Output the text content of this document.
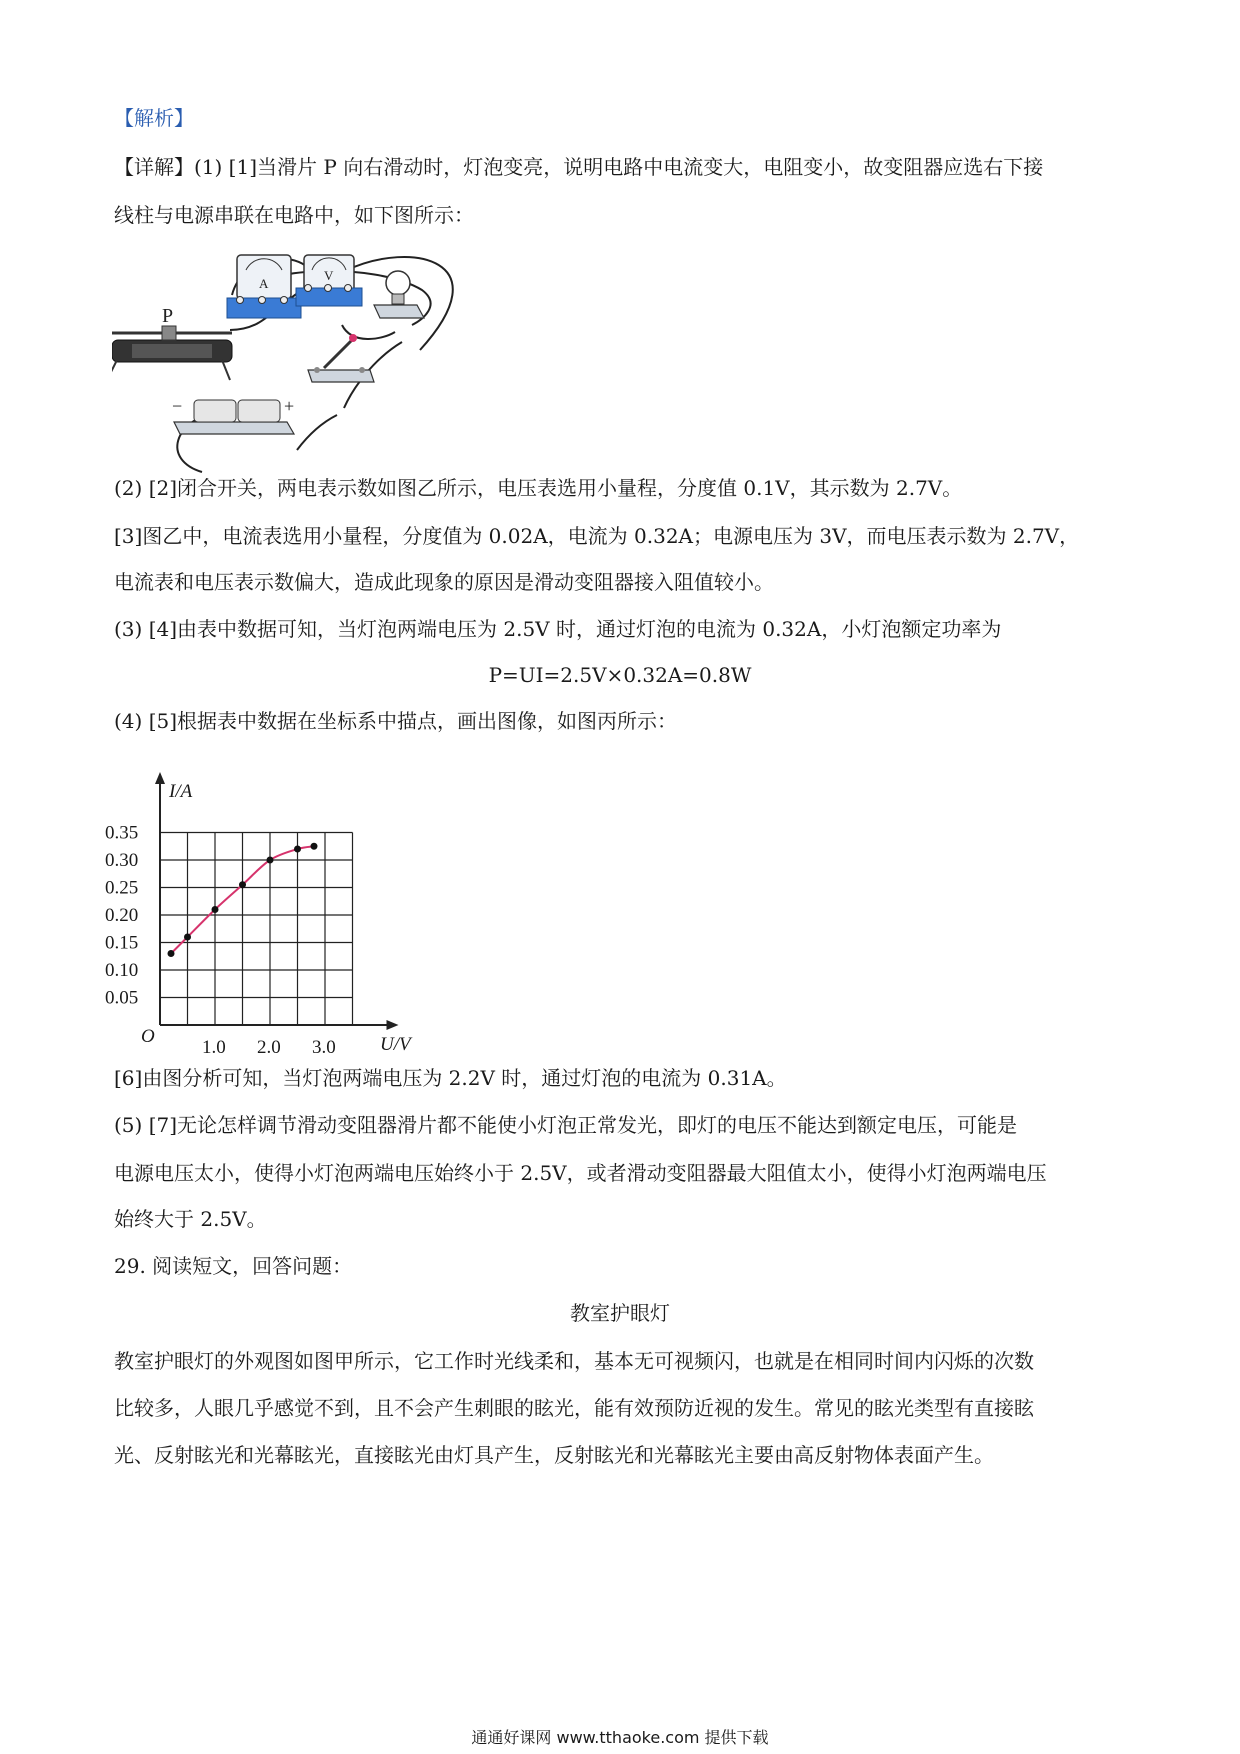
【解析】
【详解】(1) [1]当滑片 P 向右滑动时，灯泡变亮，说明电路中电流变大，电阻变小，故变阻器应选右下接
线柱与电源串联在电路中，如下图所示：
A
V
P
−	+
(2) [2]闭合开关，两电表示数如图乙所示，电压表选用小量程，分度值 0.1V，其示数为 2.7V。
[3]图乙中，电流表选用小量程，分度值为 0.02A，电流为 0.32A；电源电压为 3V，而电压表示数为 2.7V，
电流表和电压表示数偏大，造成此现象的原因是滑动变阻器接入阻值较小。
(3) [4]由表中数据可知，当灯泡两端电压为 2.5V 时，通过灯泡的电流为 0.32A，小灯泡额定功率为
P=UI=2.5V×0.32A=0.8W
(4) [5]根据表中数据在坐标系中描点，画出图像，如图丙所示：
0.05
0.10
0.15
0.20
0.25
0.30
0.35
1.0 2.0 3.0
I/A
U/V
O
[6]由图分析可知，当灯泡两端电压为 2.2V 时，通过灯泡的电流为 0.31A。
(5) [7]无论怎样调节滑动变阻器滑片都不能使小灯泡正常发光，即灯的电压不能达到额定电压，可能是
电源电压太小，使得小灯泡两端电压始终小于 2.5V，或者滑动变阻器最大阻值太小，使得小灯泡两端电压
始终大于 2.5V。
29. 阅读短文，回答问题：
教室护眼灯
教室护眼灯的外观图如图甲所示，它工作时光线柔和，基本无可视频闪，也就是在相同时间内闪烁的次数
比较多，人眼几乎感觉不到，且不会产生刺眼的眩光，能有效预防近视的发生。常见的眩光类型有直接眩
光、反射眩光和光幕眩光，直接眩光由灯具产生，反射眩光和光幕眩光主要由高反射物体表面产生。
通通好课网 www.tthaoke.com 提供下载
